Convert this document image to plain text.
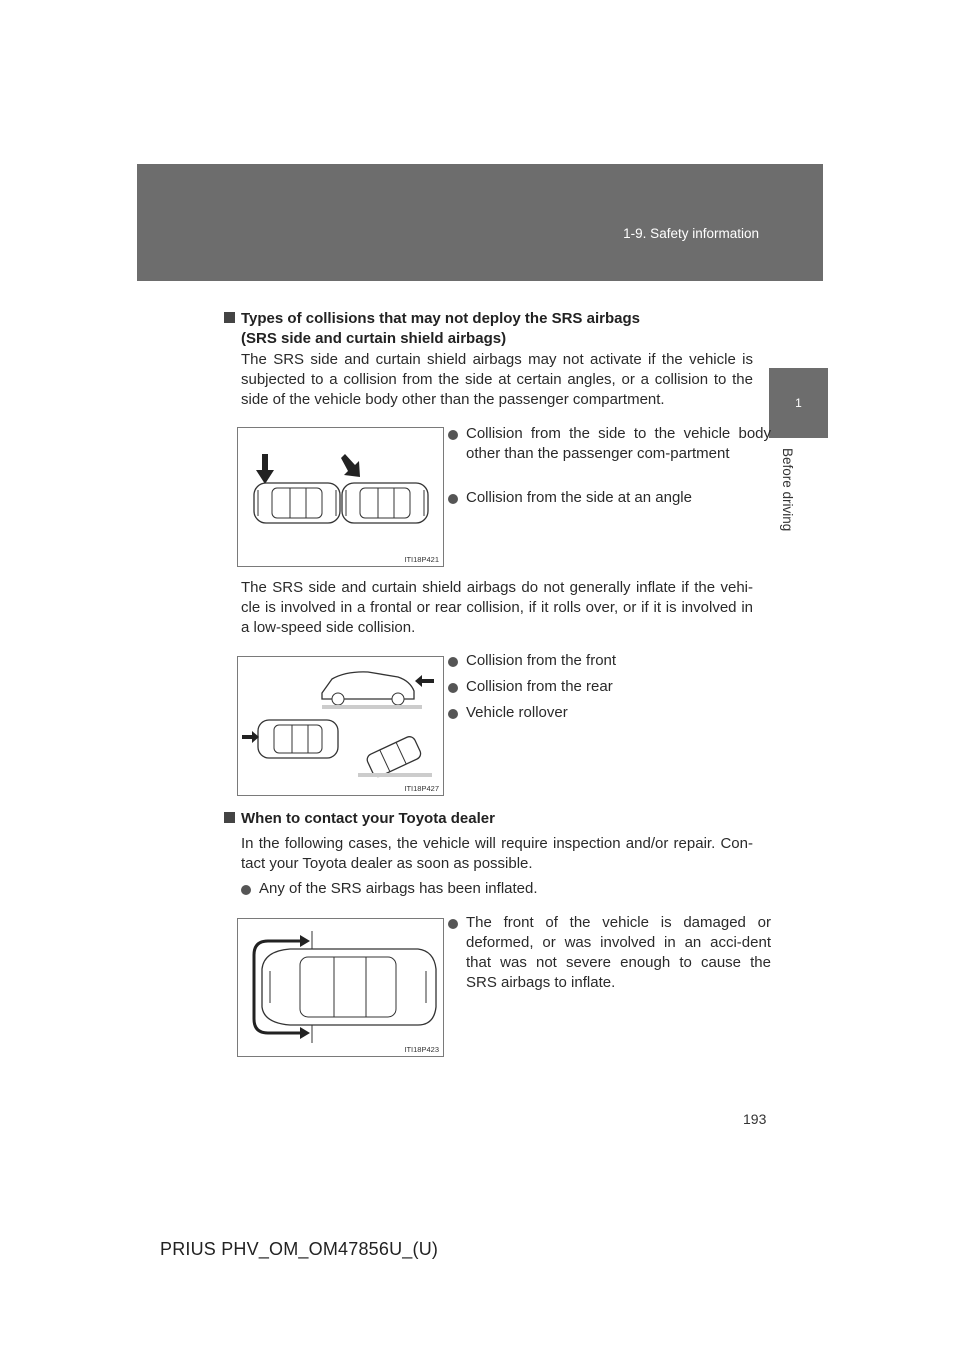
1-9. Safety information
1
Before driving
Types of collisions that may not deploy the SRS airbags
(SRS side and curtain shield airbags)
The SRS side and curtain shield airbags may not activate if the vehicle is subjected to a collision from the side at certain angles, or a collision to the side of the vehicle body other than the passenger compartment.
ITI18P421
Collision from the side to the vehicle body other than the passenger com-partment
Collision from the side at an angle
The SRS side and curtain shield airbags do not generally inflate if the vehi-cle is involved in a frontal or rear collision, if it rolls over, or if it is involved in a low-speed side collision.
ITI18P427
Collision from the front
Collision from the rear
Vehicle rollover
When to contact your Toyota dealer
In the following cases, the vehicle will require inspection and/or repair. Con-tact your Toyota dealer as soon as possible.
Any of the SRS airbags has been inflated.
ITI18P423
The front of the vehicle is damaged or deformed, or was involved in an acci-dent that was not severe enough to cause the SRS airbags to inflate.
193
PRIUS PHV_OM_OM47856U_(U)
